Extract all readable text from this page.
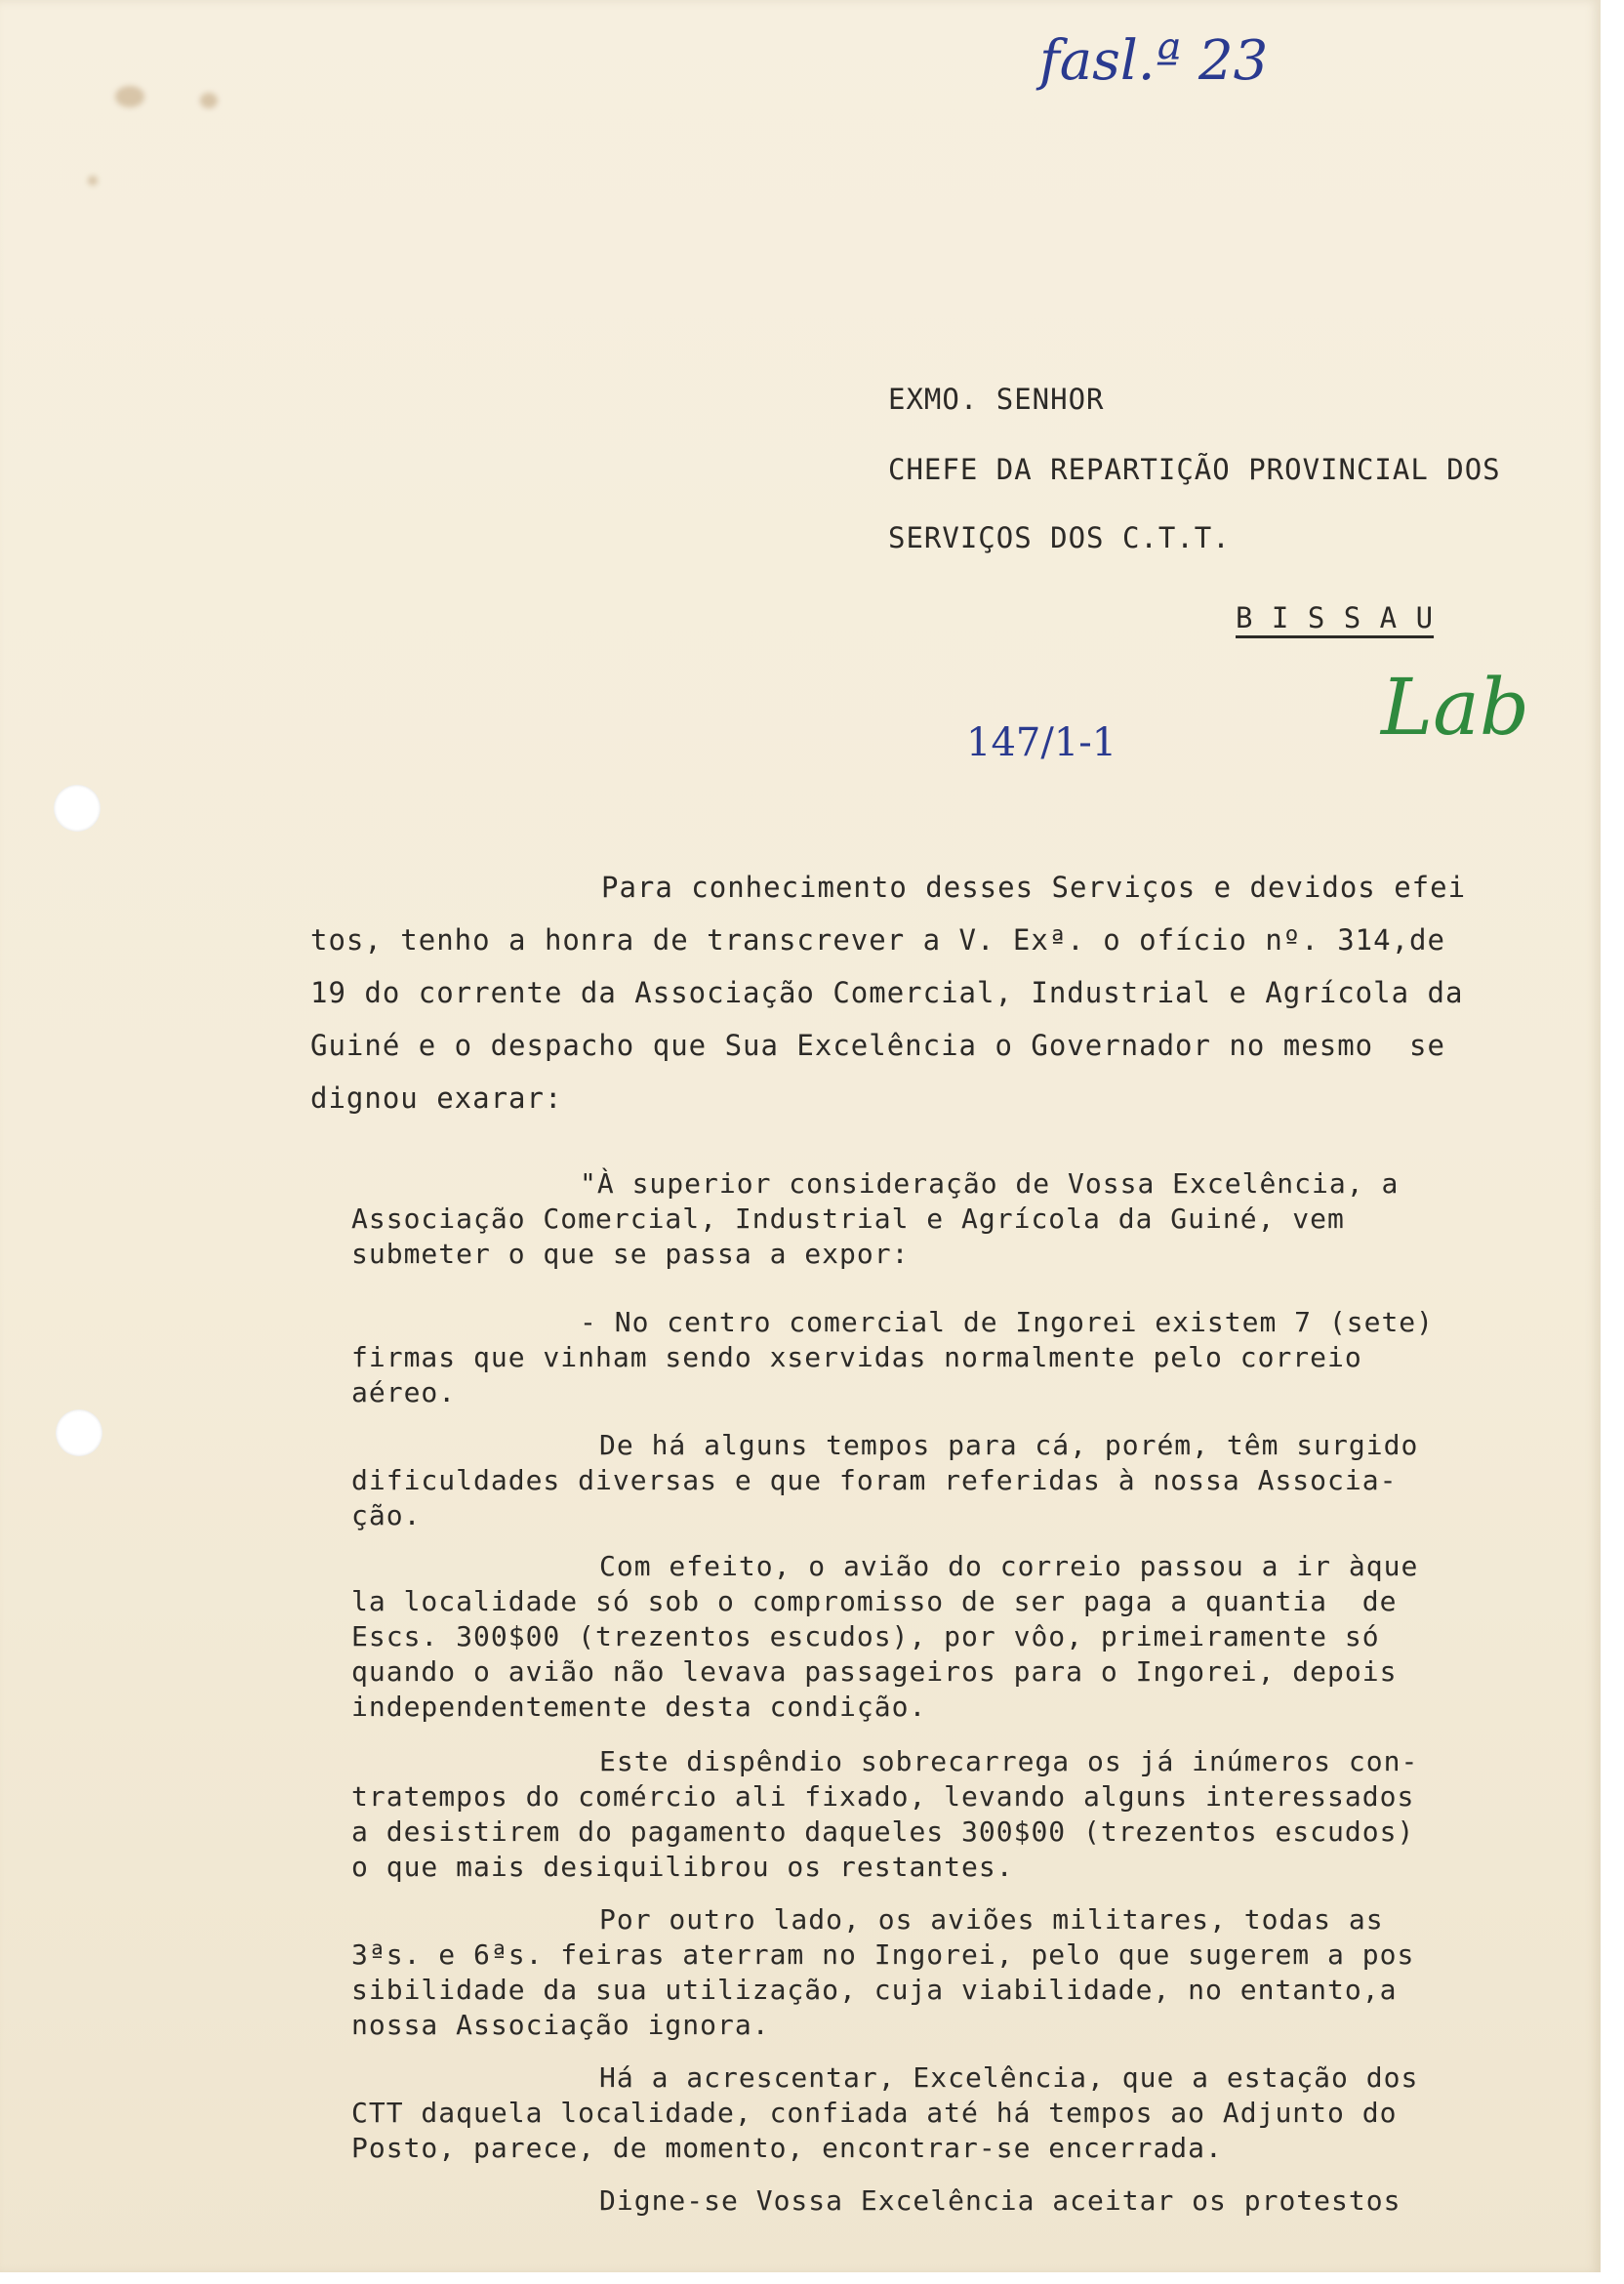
fasl.ª 23
147/1-1	Lab
EXMO. SENHOR
CHEFE DA REPARTIÇÃO PROVINCIAL DOS
SERVIÇOS DOS C.T.T.
B I S S A U
Para conhecimento desses Serviços e devidos efei
tos, tenho a honra de transcrever a V. Exª. o ofício nº. 314,de
19 do corrente da Associação Comercial, Industrial e Agrícola da
Guiné e o despacho que Sua Excelência o Governador no mesmo  se
dignou exarar:
"À superior consideração de Vossa Excelência, a
Associação Comercial, Industrial e Agrícola da Guiné, vem
submeter o que se passa a expor:
- No centro comercial de Ingorei existem 7 (sete)
firmas que vinham sendo xservidas normalmente pelo correio
aéreo.
De há alguns tempos para cá, porém, têm surgido
dificuldades diversas e que foram referidas à nossa Associa-
ção.
Com efeito, o avião do correio passou a ir àque
la localidade só sob o compromisso de ser paga a quantia  de
Escs. 300$00 (trezentos escudos), por vôo, primeiramente só
quando o avião não levava passageiros para o Ingorei, depois
independentemente desta condição.
Este dispêndio sobrecarrega os já inúmeros con-
tratempos do comércio ali fixado, levando alguns interessados
a desistirem do pagamento daqueles 300$00 (trezentos escudos)
o que mais desiquilibrou os restantes.
Por outro lado, os aviões militares, todas as
3ªs. e 6ªs. feiras aterram no Ingorei, pelo que sugerem a pos
sibilidade da sua utilização, cuja viabilidade, no entanto,a
nossa Associação ignora.
Há a acrescentar, Excelência, que a estação dos
CTT daquela localidade, confiada até há tempos ao Adjunto do
Posto, parece, de momento, encontrar-se encerrada.
Digne-se Vossa Excelência aceitar os protestos
